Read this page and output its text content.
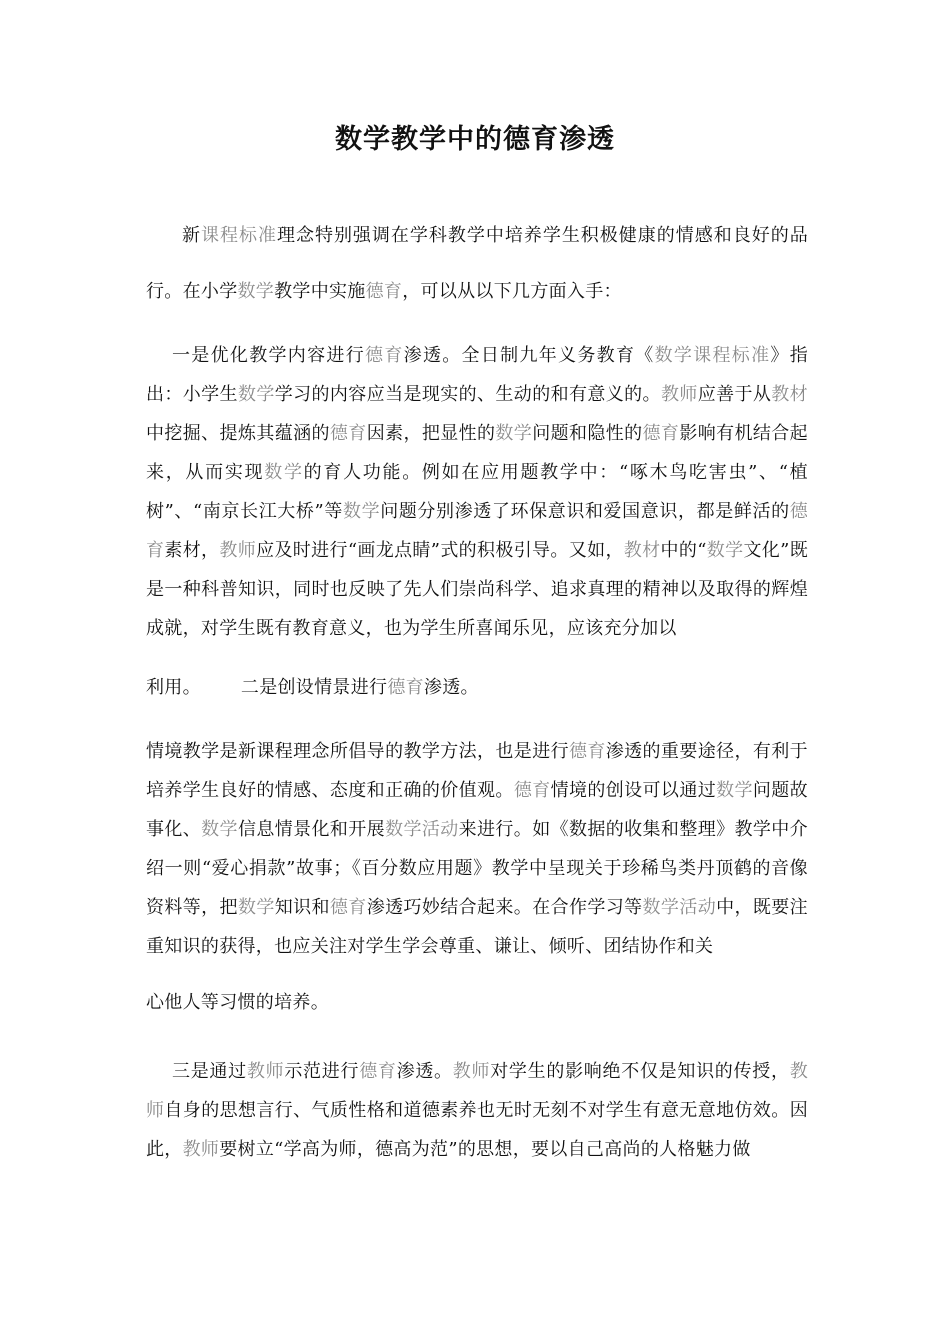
数学教学中的德育渗透
新课程标准理念特别强调在学科教学中培养学生积极健康的情感和良好的品行。在小学数学教学中实施德育，可以从以下几方面入手：
一是优化教学内容进行德育渗透。全日制九年义务教育《数学课程标准》指出：小学生数学学习的内容应当是现实的、生动的和有意义的。教师应善于从教材中挖掘、提炼其蕴涵的德育因素，把显性的数学问题和隐性的德育影响有机结合起来，从而实现数学的育人功能。例如在应用题教学中：“啄木鸟吃害虫”、“植树”、“南京长江大桥”等数学问题分别渗透了环保意识和爱国意识，都是鲜活的德育素材，教师应及时进行“画龙点睛”式的积极引导。又如，教材中的“数学文化”既是一种科普知识，同时也反映了先人们崇尚科学、追求真理的精神以及取得的辉煌成就，对学生既有教育意义，也为学生所喜闻乐见，应该充分加以
利用。 二是创设情景进行德育渗透。
情境教学是新课程理念所倡导的教学方法，也是进行德育渗透的重要途径，有利于培养学生良好的情感、态度和正确的价值观。德育情境的创设可以通过数学问题故事化、数学信息情景化和开展数学活动来进行。如《数据的收集和整理》教学中介绍一则“爱心捐款”故事；《百分数应用题》教学中呈现关于珍稀鸟类丹顶鹤的音像资料等，把数学知识和德育渗透巧妙结合起来。在合作学习等数学活动中，既要注重知识的获得，也应关注对学生学会尊重、谦让、倾听、团结协作和关
心他人等习惯的培养。
三是通过教师示范进行德育渗透。教师对学生的影响绝不仅是知识的传授，教师自身的思想言行、气质性格和道德素养也无时无刻不对学生有意无意地仿效。因此，教师要树立“学高为师，德高为范”的思想，要以自己高尚的人格魅力做
